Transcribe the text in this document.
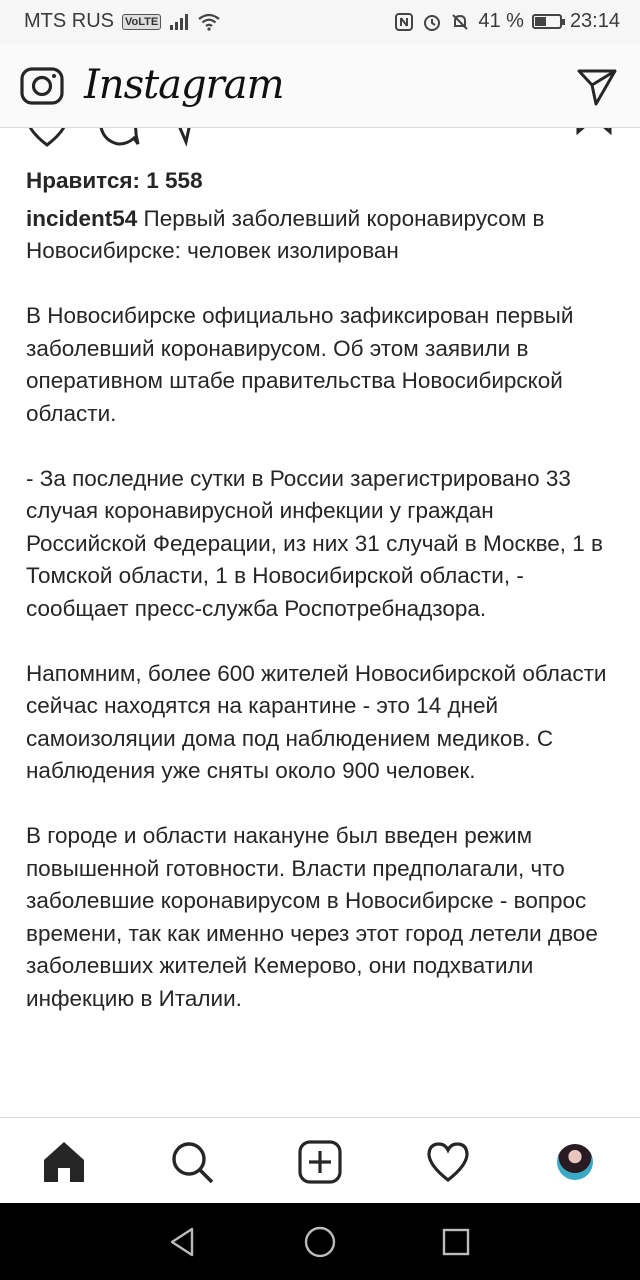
MTS RUS VoLTE	41 % 23:14
Instagram
Нравится: 1 558

incident54 Первый заболевший коронавирусом в Новосибирске: человек изолирован

В Новосибирске официально зафиксирован первый заболевший коронавирусом. Об этом заявили в оперативном штабе правительства Новосибирской области.

- За последние сутки в России зарегистрировано 33 случая коронавирусной инфекции у граждан Российской Федерации, из них 31 случай в Москве, 1 в Томской области, 1 в Новосибирской области, - сообщает пресс-служба Роспотребнадзора.

Напомним, более 600 жителей Новосибирской области сейчас находятся на карантине - это 14 дней самоизоляции дома под наблюдением медиков. С наблюдения уже сняты около 900 человек.

В городе и области накануне был введен режим повышенной готовности. Власти предполагали, что заболевшие коронавирусом в Новосибирске - вопрос времени, так как именно через этот город летели двое заболевших жителей Кемерово, они подхватили инфекцию в Италии.
